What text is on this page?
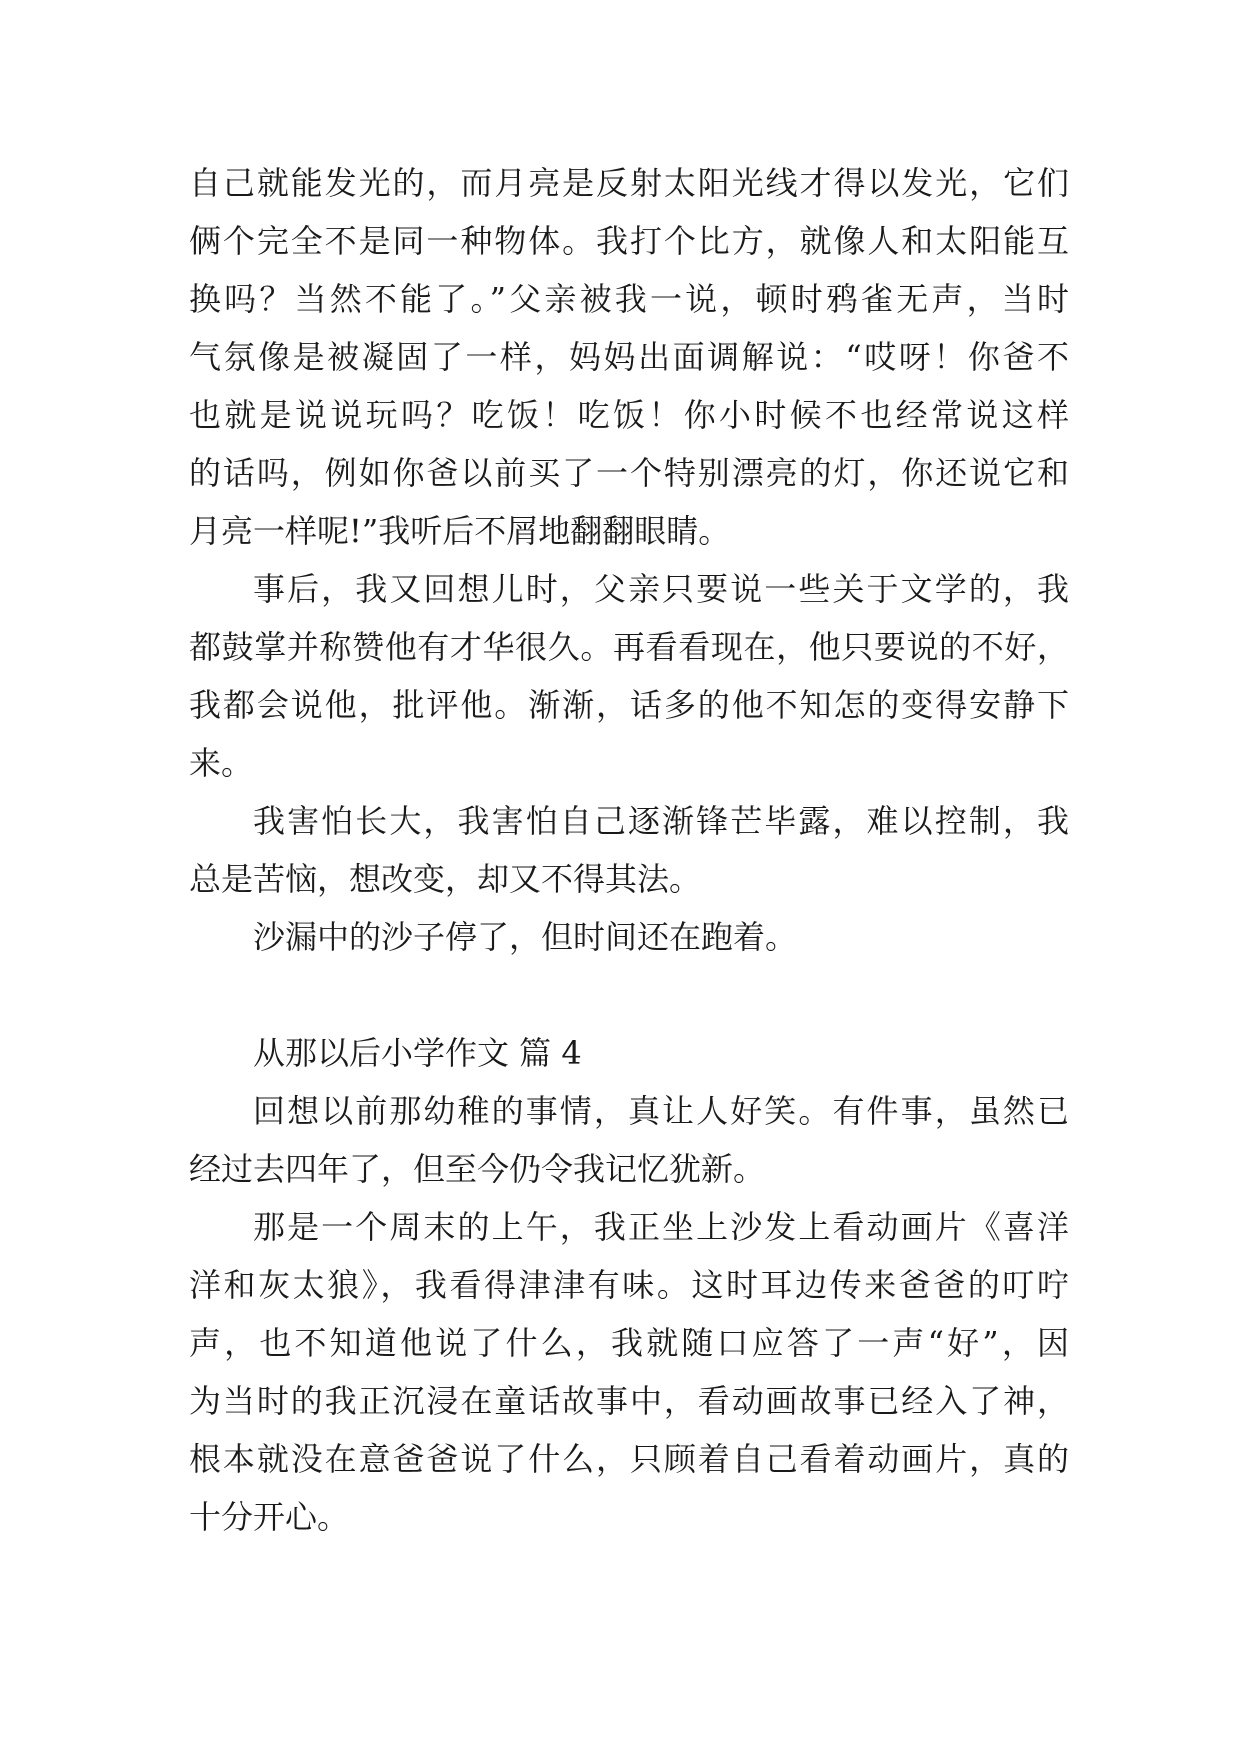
自己就能发光的，而月亮是反射太阳光线才得以发光，它们
俩个完全不是同一种物体。我打个比方，就像人和太阳能互
换吗？当然不能了。”父亲被我一说，顿时鸦雀无声，当时
气氛像是被凝固了一样，妈妈出面调解说：“哎呀！你爸不
也就是说说玩吗？吃饭！吃饭！你小时候不也经常说这样
的话吗，例如你爸以前买了一个特别漂亮的灯，你还说它和
月亮一样呢!”我听后不屑地翻翻眼睛。
事后，我又回想儿时，父亲只要说一些关于文学的，我
都鼓掌并称赞他有才华很久。再看看现在，他只要说的不好，
我都会说他，批评他。渐渐，话多的他不知怎的变得安静下
来。
我害怕长大，我害怕自己逐渐锋芒毕露，难以控制，我
总是苦恼，想改变，却又不得其法。
沙漏中的沙子停了，但时间还在跑着。
从那以后小学作文 篇 4
回想以前那幼稚的事情，真让人好笑。有件事，虽然已
经过去四年了，但至今仍令我记忆犹新。
那是一个周末的上午，我正坐上沙发上看动画片《喜洋
洋和灰太狼》，我看得津津有味。这时耳边传来爸爸的叮咛
声，也不知道他说了什么，我就随口应答了一声“好”，因
为当时的我正沉浸在童话故事中，看动画故事已经入了神，
根本就没在意爸爸说了什么，只顾着自己看着动画片，真的
十分开心。
